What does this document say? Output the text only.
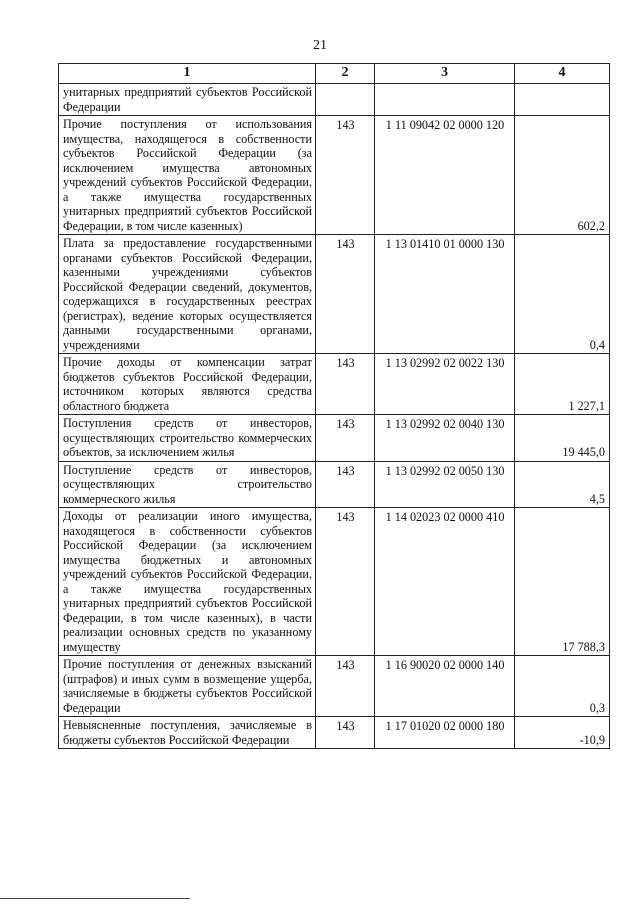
21
1	2	3	4
унитарных предприятий субъектов Российской Федерации			
Прочие поступления от использования имущества, находящегося в собственности субъектов Российской Федерации (за исключением имущества автономных учреждений субъектов Российской Федерации, а также имущества государственных унитарных предприятий субъектов Российской Федерации, в том числе казенных)	143	1 11 09042 02 0000 120	602,2
Плата за предоставление государственными органами субъектов Российской Федерации, казенными учреждениями субъектов Российской Федерации сведений, документов, содержащихся в государственных реестрах (регистрах), ведение которых осуществляется данными государственными органами, учреждениями	143	1 13 01410 01 0000 130	0,4
Прочие доходы от компенсации затрат бюджетов субъектов Российской Федерации, источником которых являются средства областного бюджета	143	1 13 02992 02 0022 130	1 227,1
Поступления средств от инвесторов, осуществляющих строительство коммерческих объектов, за исключением жилья	143	1 13 02992 02 0040 130	19 445,0
Поступление средств от инвесторов, осуществляющих строительство коммерческого жилья	143	1 13 02992 02 0050 130	4,5
Доходы от реализации иного имущества, находящегося в собственности субъектов Российской Федерации (за исключением имущества бюджетных и автономных учреждений субъектов Российской Федерации, а также имущества государственных унитарных предприятий субъектов Российской Федерации, в том числе казенных), в части реализации основных средств по указанному имуществу	143	1 14 02023 02 0000 410	17 788,3
Прочие поступления от денежных взысканий (штрафов) и иных сумм в возмещение ущерба, зачисляемые в бюджеты субъектов Российской Федерации	143	1 16 90020 02 0000 140	0,3
Невыясненные поступления, зачисляемые в бюджеты субъектов Российской Федерации	143	1 17 01020 02 0000 180	-10,9
